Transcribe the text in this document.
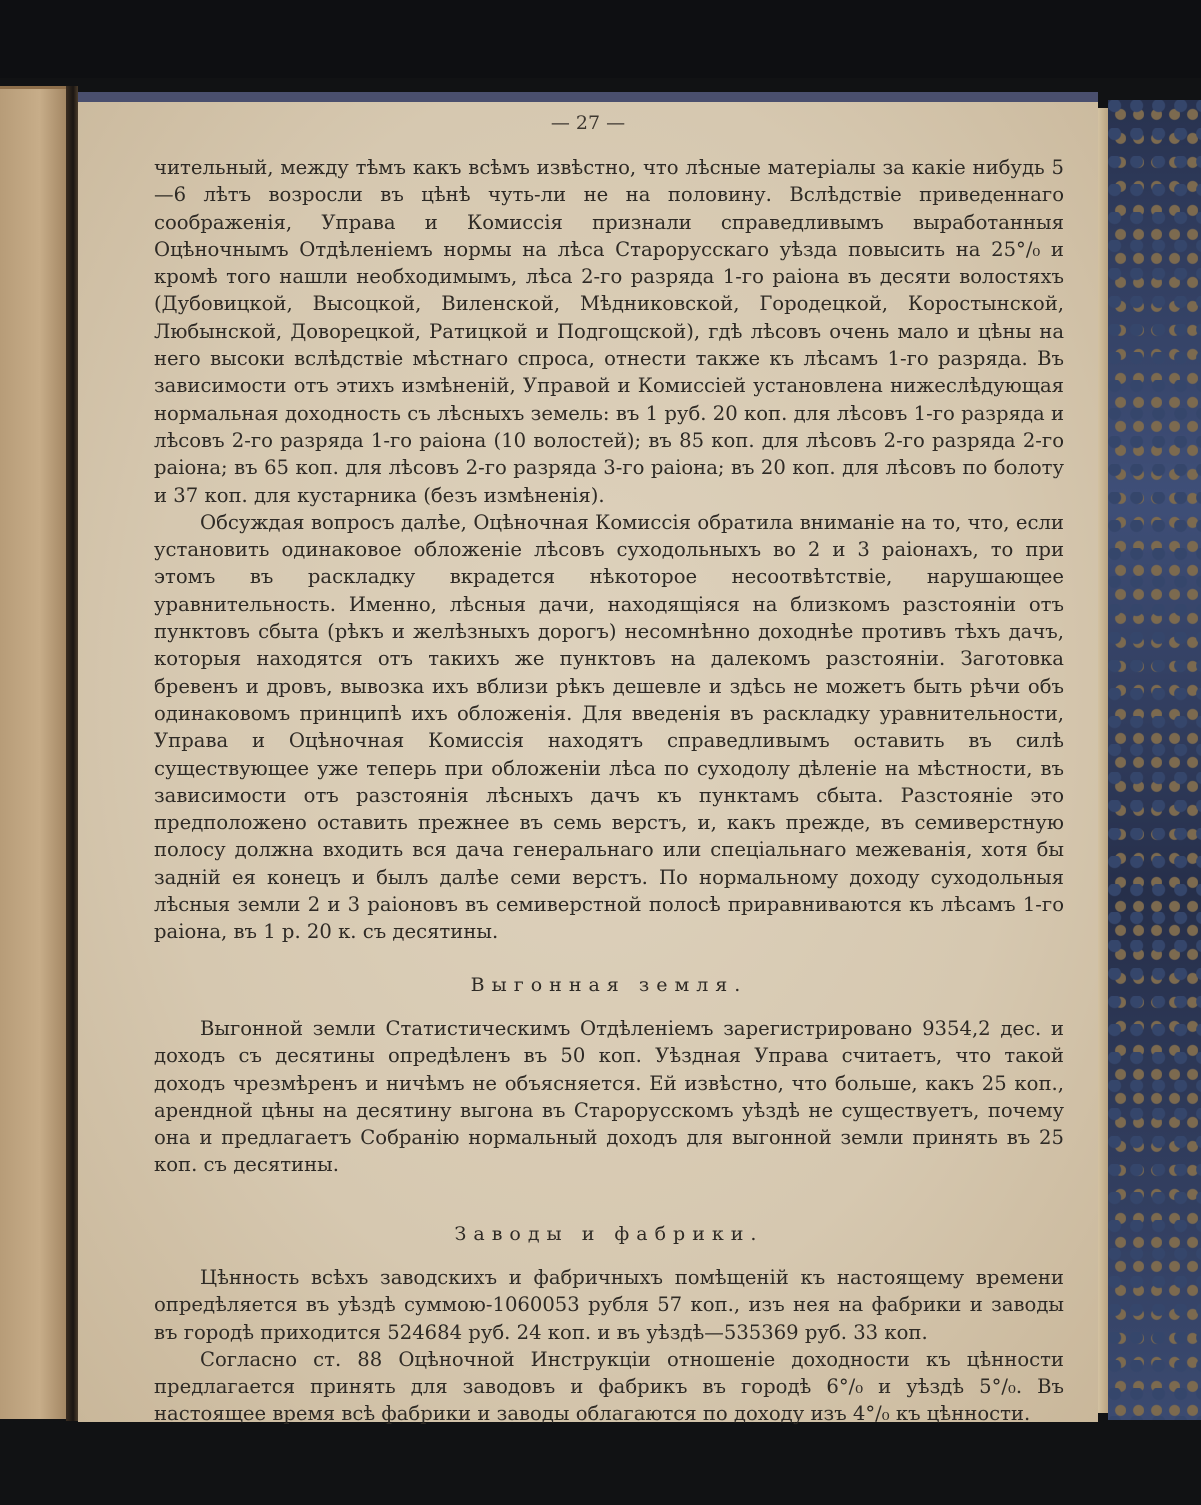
— 27 —

чительный, между тѣмъ какъ всѣмъ извѣстно, что лѣсные матеріалы за какіе нибудь 5—6 лѣтъ возросли въ цѣнѣ чуть-ли не на половину. Вслѣдствіе приведеннаго соображенія, Управа и Комиссія признали справедливымъ выработанныя Оцѣночнымъ Отдѣленіемъ нормы на лѣса Старорусскаго уѣзда повысить на 25°/₀ и кромѣ того нашли необходимымъ, лѣса 2-го разряда 1-го раіона въ десяти волостяхъ (Дубовицкой, Высоцкой, Виленской, Мѣдниковской, Городецкой, Коростынской, Любынской, Доворецкой, Ратицкой и Подгощской), гдѣ лѣсовъ очень мало и цѣны на него высоки вслѣдствіе мѣстнаго спроса, отнести также къ лѣсамъ 1-го разряда. Въ зависимости отъ этихъ измѣненій, Управой и Комиссіей установлена нижеслѣдующая нормальная доходность съ лѣсныхъ земель: въ 1 руб. 20 коп. для лѣсовъ 1-го разряда и лѣсовъ 2-го разряда 1-го раіона (10 волостей); въ 85 коп. для лѣсовъ 2-го разряда 2-го раіона; въ 65 коп. для лѣсовъ 2-го разряда 3-го раіона; въ 20 коп. для лѣсовъ по болоту и 37 коп. для кустарника (безъ измѣненія).

Обсуждая вопросъ далѣе, Оцѣночная Комиссія обратила вниманіе на то, что, если установить одинаковое обложеніе лѣсовъ суходольныхъ во 2 и 3 раіонахъ, то при этомъ въ раскладку вкрадется нѣкоторое несоотвѣтствіе, нарушающее уравнительность. Именно, лѣсныя дачи, находящіяся на близкомъ разстояніи отъ пунктовъ сбыта (рѣкъ и желѣзныхъ дорогъ) несомнѣнно доходнѣе противъ тѣхъ дачъ, которыя находятся отъ такихъ же пунктовъ на далекомъ разстояніи. Заготовка бревенъ и дровъ, вывозка ихъ вблизи рѣкъ дешевле и здѣсь не можетъ быть рѣчи объ одинаковомъ принципѣ ихъ обложенія. Для введенія въ раскладку уравнительности, Управа и Оцѣночная Комиссія находятъ справедливымъ оставить въ силѣ существующее уже теперь при обложеніи лѣса по суходолу дѣленіе на мѣстности, въ зависимости отъ разстоянія лѣсныхъ дачъ къ пунктамъ сбыта. Разстояніе это предположено оставить прежнее въ семь верстъ, и, какъ прежде, въ семиверстную полосу должна входить вся дача генеральнаго или спеціальнаго межеванія, хотя бы задній ея конецъ и былъ далѣе семи верстъ. По нормальному доходу суходольныя лѣсныя земли 2 и 3 раіоновъ въ семиверстной полосѣ приравниваются къ лѣсамъ 1-го раіона, въ 1 р. 20 к. съ десятины.

Выгонная земля.

Выгонной земли Статистическимъ Отдѣленіемъ зарегистрировано 9354,2 дес. и доходъ съ десятины опредѣленъ въ 50 коп. Уѣздная Управа считаетъ, что такой доходъ чрезмѣренъ и ничѣмъ не объясняется. Ей извѣстно, что больше, какъ 25 коп., арендной цѣны на десятину выгона въ Старорусскомъ уѣздѣ не существуетъ, почему она и предлагаетъ Собранію нормальный доходъ для выгонной земли принять въ 25 коп. съ десятины.

Заводы и фабрики.

Цѣнность всѣхъ заводскихъ и фабричныхъ помѣщеній къ настоящему времени опредѣляется въ уѣздѣ суммою-1060053 рубля 57 коп., изъ нея на фабрики и заводы въ городѣ приходится 524684 руб. 24 коп. и въ уѣздѣ—535369 руб. 33 коп.

Согласно ст. 88 Оцѣночной Инструкціи отношеніе доходности къ цѣнности предлагается принять для заводовъ и фабрикъ въ городѣ 6°/₀ и уѣздѣ 5°/₀. Въ настоящее время всѣ фабрики и заводы облагаются по доходу изъ 4°/₀ къ цѣнности.
